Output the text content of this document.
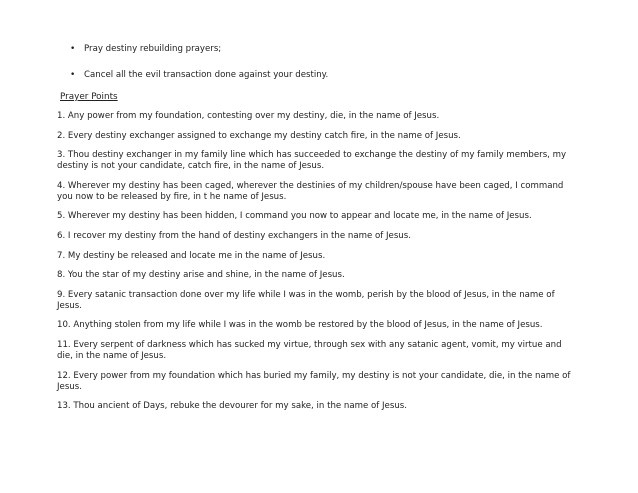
• Pray destiny rebuilding prayers;
• Cancel all the evil transaction done against your destiny.
Prayer Points
1. Any power from my foundation, contesting over my destiny, die, in the name of Jesus.
2. Every destiny exchanger assigned to exchange my destiny catch fire, in the name of Jesus.
3. Thou destiny exchanger in my family line which has succeeded to exchange the destiny of my family members, my destiny is not your candidate, catch fire, in the name of Jesus.
4. Wherever my destiny has been caged, wherever the destinies of my children/spouse have been caged, I command you now to be released by fire, in t he name of Jesus.
5. Wherever my destiny has been hidden, I command you now to appear and locate me, in the name of Jesus.
6. I recover my destiny from the hand of destiny exchangers in the name of Jesus.
7. My destiny be released and locate me in the name of Jesus.
8. You the star of my destiny arise and shine, in the name of Jesus.
9. Every satanic transaction done over my life while I was in the womb, perish by the blood of Jesus, in the name of Jesus.
10. Anything stolen from my life while I was in the womb be restored by the blood of Jesus, in the name of Jesus.
11. Every serpent of darkness which has sucked my virtue, through sex with any satanic agent, vomit, my virtue and die, in the name of Jesus.
12. Every power from my foundation which has buried my family, my destiny is not your candidate, die, in the name of Jesus.
13. Thou ancient of Days, rebuke the devourer for my sake, in the name of Jesus.
